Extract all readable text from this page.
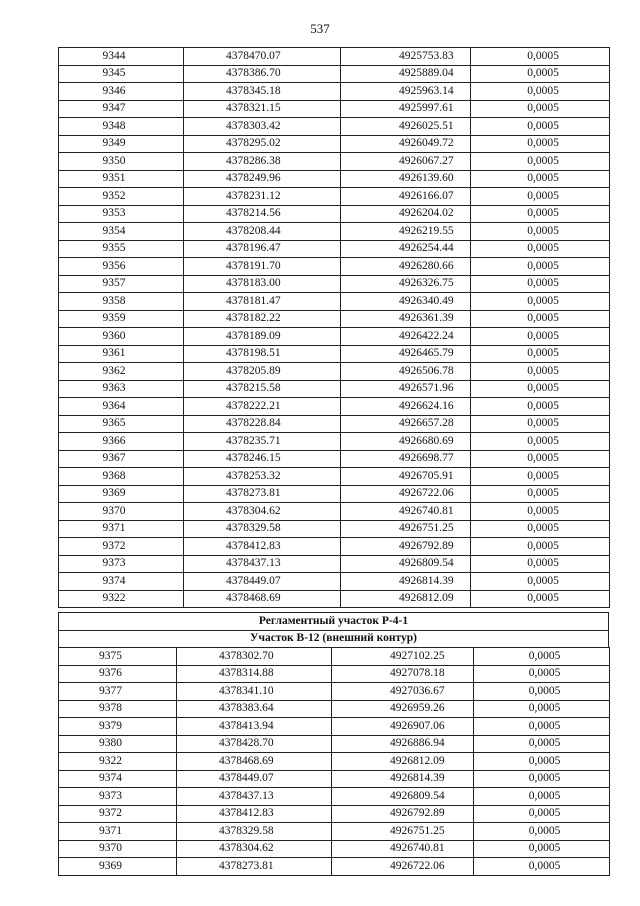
537
9344	4378470.07	4925753.83	0,0005
9345	4378386.70	4925889.04	0,0005
9346	4378345.18	4925963.14	0,0005
9347	4378321.15	4925997.61	0,0005
9348	4378303.42	4926025.51	0,0005
9349	4378295.02	4926049.72	0,0005
9350	4378286.38	4926067.27	0,0005
9351	4378249.96	4926139.60	0,0005
9352	4378231.12	4926166.07	0,0005
9353	4378214.56	4926204.02	0,0005
9354	4378208.44	4926219.55	0,0005
9355	4378196.47	4926254.44	0,0005
9356	4378191.70	4926280.66	0,0005
9357	4378183.00	4926326.75	0,0005
9358	4378181.47	4926340.49	0,0005
9359	4378182.22	4926361.39	0,0005
9360	4378189.09	4926422.24	0,0005
9361	4378198.51	4926465.79	0,0005
9362	4378205.89	4926506.78	0,0005
9363	4378215.58	4926571.96	0,0005
9364	4378222.21	4926624.16	0,0005
9365	4378228.84	4926657.28	0,0005
9366	4378235.71	4926680.69	0,0005
9367	4378246.15	4926698.77	0,0005
9368	4378253.32	4926705.91	0,0005
9369	4378273.81	4926722.06	0,0005
9370	4378304.62	4926740.81	0,0005
9371	4378329.58	4926751.25	0,0005
9372	4378412.83	4926792.89	0,0005
9373	4378437.13	4926809.54	0,0005
9374	4378449.07	4926814.39	0,0005
9322	4378468.69	4926812.09	0,0005
Регламентный участок Р-4-1
Участок В-12 (внешний контур)
9375	4378302.70	4927102.25	0,0005
9376	4378314.88	4927078.18	0,0005
9377	4378341.10	4927036.67	0,0005
9378	4378383.64	4926959.26	0,0005
9379	4378413.94	4926907.06	0,0005
9380	4378428.70	4926886.94	0,0005
9322	4378468.69	4926812.09	0,0005
9374	4378449.07	4926814.39	0,0005
9373	4378437.13	4926809.54	0,0005
9372	4378412.83	4926792.89	0,0005
9371	4378329.58	4926751.25	0,0005
9370	4378304.62	4926740.81	0,0005
9369	4378273.81	4926722.06	0,0005
